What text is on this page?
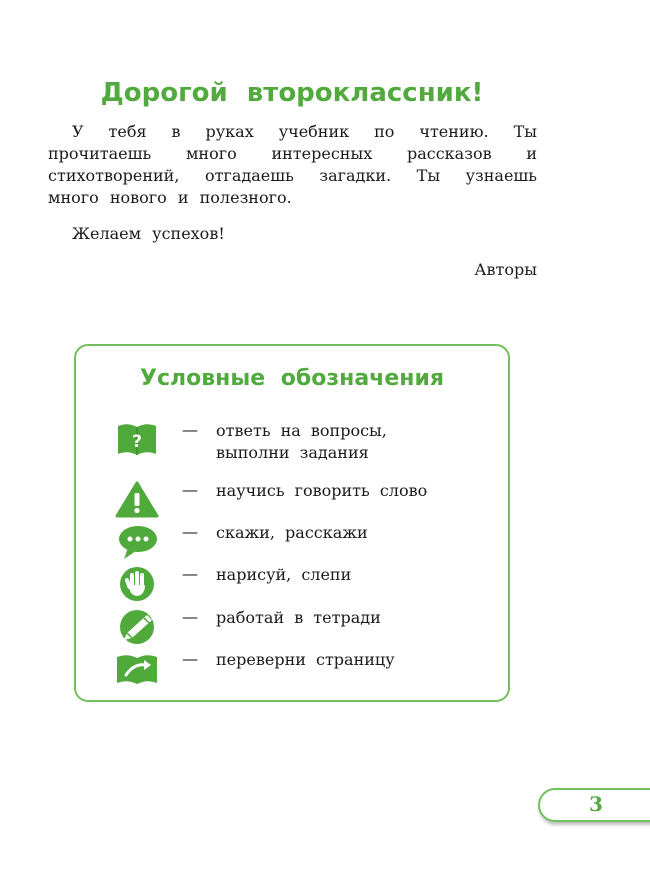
Дорогой второклассник!

У тебя в руках учебник по чтению. Ты прочитаешь много интересных рассказов и стихотворений, отгадаешь загадки. Ты узнаешь много нового и полезного.

Желаем успехов!

Авторы

Условные обозначения
?
— ответь на вопросы,
выполни задания
— научись говорить слово
— скажи, расскажи
— нарисуй, слепи
— работай в тетради
— переверни страницу
3
